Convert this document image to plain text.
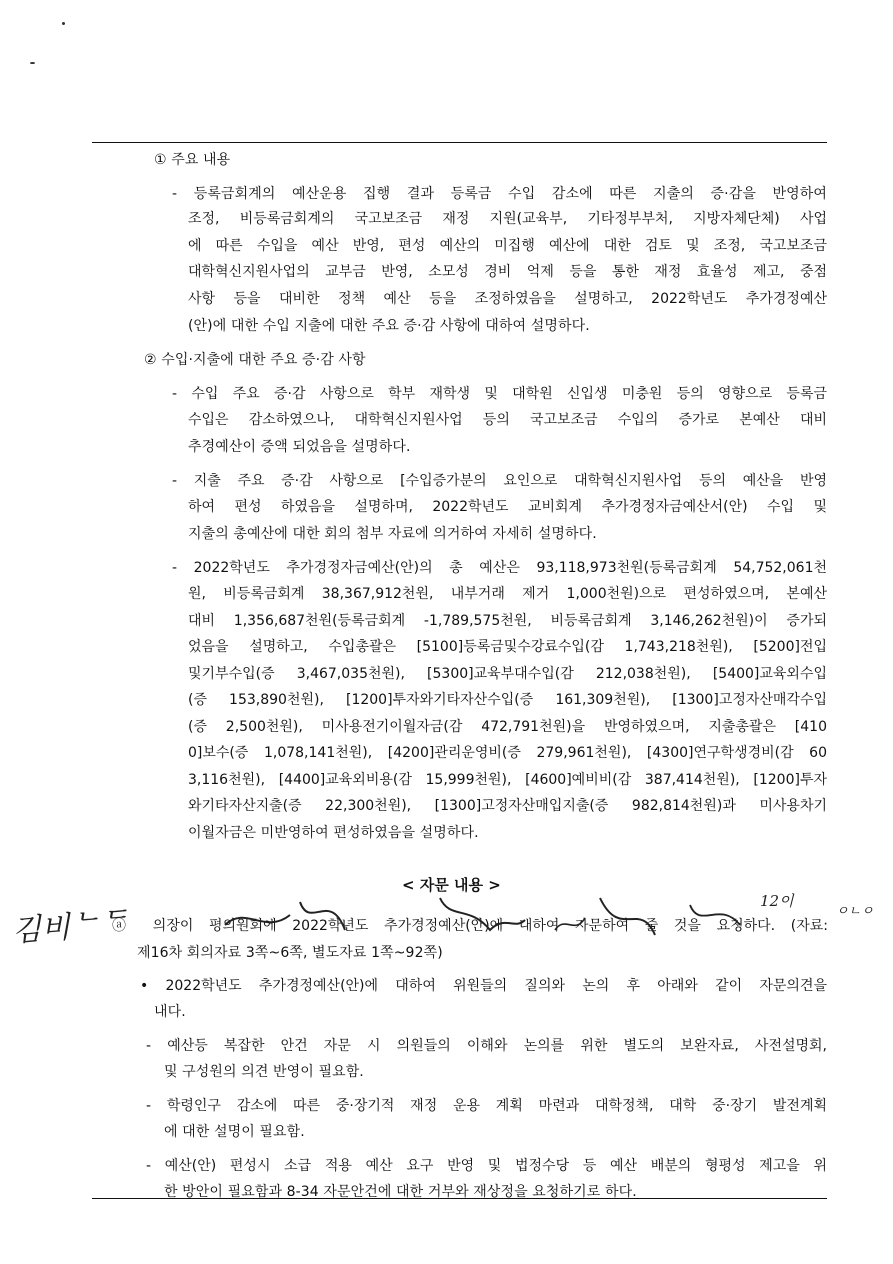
① 주요 내용
- 등록금회계의 예산운용 집행 결과 등록금 수입 감소에 따른 지출의 증·감을 반영하여
조정, 비등록금회계의 국고보조금 재정 지원(교육부, 기타정부부처, 지방자체단체) 사업
에 따른 수입을 예산 반영, 편성 예산의 미집행 예산에 대한 검토 및 조정, 국고보조금
대학혁신지원사업의 교부금 반영, 소모성 경비 억제 등을 통한 재정 효율성 제고, 중점
사항 등을 대비한 정책 예산 등을 조정하였음을 설명하고, 2022학년도 추가경정예산
(안)에 대한 수입 지출에 대한 주요 증·감 사항에 대하여 설명하다.
② 수입·지출에 대한 주요 증·감 사항
- 수입 주요 증·감 사항으로 학부 재학생 및 대학원 신입생 미충원 등의 영향으로 등록금
수입은 감소하였으나, 대학혁신지원사업 등의 국고보조금 수입의 증가로 본예산 대비
추경예산이 증액 되었음을 설명하다.
- 지출 주요 증·감 사항으로 [수입증가분의 요인으로 대학혁신지원사업 등의 예산을 반영
하여 편성 하였음을 설명하며, 2022학년도 교비회계 추가경정자금예산서(안) 수입 및
지출의 총예산에 대한 회의 첨부 자료에 의거하여 자세히 설명하다.
- 2022학년도 추가경정자금예산(안)의 총 예산은 93,118,973천원(등록금회계 54,752,061천
원, 비등록금회계 38,367,912천원, 내부거래 제거 1,000천원)으로 편성하였으며, 본예산
대비 1,356,687천원(등록금회계 -1,789,575천원, 비등록금회계 3,146,262천원)이 증가되
었음을 설명하고, 수입총괄은 [5100]등록금및수강료수입(감 1,743,218천원), [5200]전입
및기부수입(증 3,467,035천원), [5300]교육부대수입(감 212,038천원), [5400]교육외수입
(증 153,890천원), [1200]투자와기타자산수입(증 161,309천원), [1300]고정자산매각수입
(증 2,500천원), 미사용전기이월자금(감 472,791천원)을 반영하였으며, 지출총괄은 [410
0]보수(증 1,078,141천원), [4200]관리운영비(증 279,961천원), [4300]연구학생경비(감 60
3,116천원), [4400]교육외비용(감 15,999천원), [4600]예비비(감 387,414천원), [1200]투자
와기타자산지출(증 22,300천원), [1300]고정자산매입지출(증 982,814천원)과 미사용차기
이월자금은 미반영하여 편성하였음을 설명하다.
< 자문 내용 >
ⓐ 의장이 평의원회에 2022학년도 추가경정예산(안)에 대하여 자문하여 줄 것을 요청하다. (자료:
제16차 회의자료 3쪽~6쪽, 별도자료 1쪽~92쪽)
• 2022학년도 추가경정예산(안)에 대하여 위원들의 질의와 논의 후 아래와 같이 자문의견을
내다.
- 예산등 복잡한 안건 자문 시 의원들의 이해와 논의를 위한 별도의 보완자료, 사전설명회,
및 구성원의 의견 반영이 필요함.
- 학령인구 감소에 따른 중·장기적 재정 운용 계획 마련과 대학정책, 대학 중·장기 발전계획
에 대한 설명이 필요함.
- 예산(안) 편성시 소급 적용 예산 요구 반영 및 법정수당 등 예산 배분의 형평성 제고을 위
한 방안이 필요함과 8-34 자문안건에 대한 거부와 재상정을 요청하기로 하다.
김비ᄂᄃ
12이
ㅇㄴㅇ
